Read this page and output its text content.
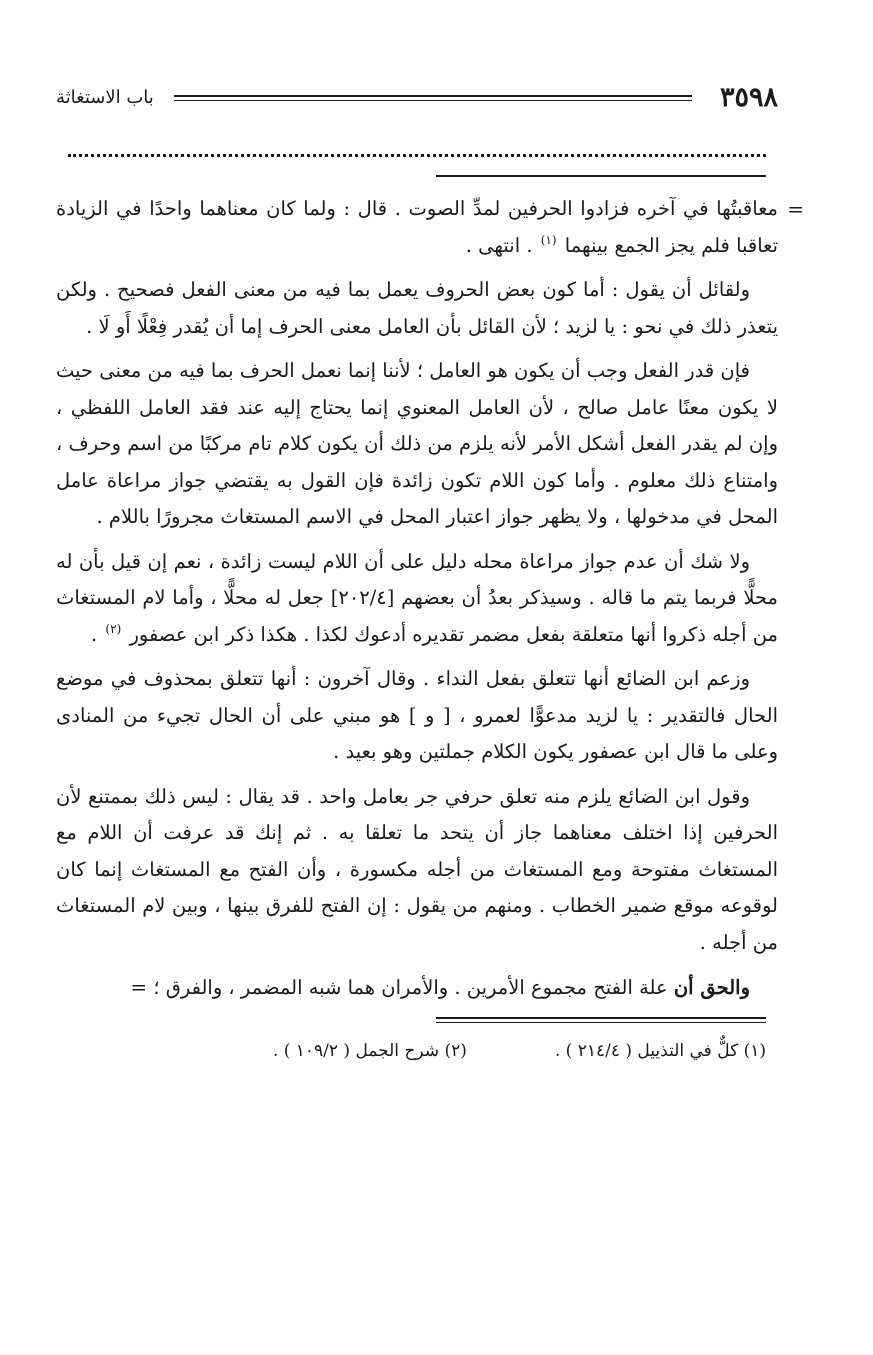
٣٥٩٨
باب الاستغاثة

=
معاقبتُها في آخره فزادوا الحرفين لمدِّ الصوت . قال : ولما كان معناهما واحدًا في الزيادة تعاقبا فلم يجز الجمع بينهما $^{(١)}$ . انتهى .

ولقائل أن يقول : أما كون بعض الحروف يعمل بما فيه من معنى الفعل فصحيح . ولكن يتعذر ذلك في نحو : يا لزيد ؛ لأن القائل بأن العامل معنى الحرف إما أن يُقدر فِعْلًا أَو لَا .

فإن قدر الفعل وجب أن يكون هو العامل ؛ لأننا إنما نعمل الحرف بما فيه من معنى حيث لا يكون معنًا عامل صالح ، لأن العامل المعنوي إنما يحتاج إليه عند فقد العامل اللفظي ، وإن لم يقدر الفعل أشكل الأمر لأنه يلزم من ذلك أن يكون كلام تام مركبًا من اسم وحرف ، وامتناع ذلك معلوم . وأما كون اللام تكون زائدة فإن القول به يقتضي جواز مراعاة عامل المحل في مدخولها ، ولا يظهر جواز اعتبار المحل في الاسم المستغاث مجرورًا باللام .

ولا شك أن عدم جواز مراعاة محله دليل على أن اللام ليست زائدة ، نعم إن قيل بأن له محلًّا فربما يتم ما قاله . وسيذكر بعدُ أن بعضهم [٢٠٢/٤] جعل له محلًّا ، وأما لام المستغاث من أجله ذكروا أنها متعلقة بفعل مضمر تقديره أدعوك لكذا . هكذا ذكر ابن عصفور $^{(٢)}$ .

وزعم ابن الضائع أنها تتعلق بفعل النداء . وقال آخرون : أنها تتعلق بمحذوف في موضع الحال فالتقدير : يا لزيد مدعوًّا لعمرو ، [ و ] هو مبني على أن الحال تجيء من المنادى وعلى ما قال ابن عصفور يكون الكلام جملتين وهو بعيد .

وقول ابن الضائع يلزم منه تعلق حرفي جر بعامل واحد . قد يقال : ليس ذلك بممتنع لأن الحرفين إذا اختلف معناهما جاز أن يتحد ما تعلقا به . ثم إنك قد عرفت أن اللام مع المستغاث مفتوحة ومع المستغاث من أجله مكسورة ، وأن الفتح مع المستغاث إنما كان لوقوعه موقع ضمير الخطاب . ومنهم من يقول : إن الفتح للفرق بينها ، وبين لام المستغاث من أجله .

والحق أن علة الفتح مجموع الأمرين . والأمران هما شبه المضمر ، والفرق ؛ =

(١) كلٌّ في التذييل ( ٢١٤/٤ ) .
(٢) شرح الجمل ( ١٠٩/٢ ) .
